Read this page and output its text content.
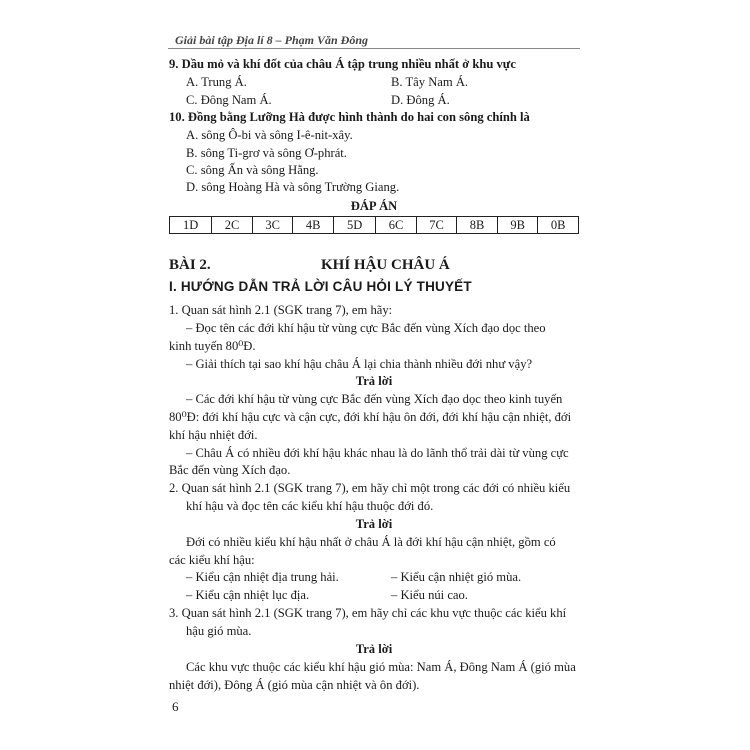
Giải bài tập Địa lí 8 – Phạm Văn Đông
9. Dầu mỏ và khí đốt của châu Á tập trung nhiều nhất ở khu vực
A. Trung Á.	B. Tây Nam Á.
C. Đông Nam Á.	D. Đông Á.
10. Đồng bằng Lưỡng Hà được hình thành do hai con sông chính là
A. sông Ô-bi và sông I-ê-nit-xây.
B. sông Ti-grơ và sông Ơ-phrát.
C. sông Ấn và sông Hằng.
D. sông Hoàng Hà và sông Trường Giang.
ĐÁP ÁN
1D	2C	3C	4B	5D	6C	7C	8B	9B	0B
BÀI 2.	KHÍ HẬU CHÂU Á
I. HƯỚNG DẪN TRẢ LỜI CÂU HỎI LÝ THUYẾT
1. Quan sát hình 2.1 (SGK trang 7), em hãy:
– Đọc tên các đới khí hậu từ vùng cực Bắc đến vùng Xích đạo dọc theo
kinh tuyến 80⁰Đ.
– Giải thích tại sao khí hậu châu Á lại chia thành nhiều đới như vậy?
Trả lời
– Các đới khí hậu từ vùng cực Bắc đến vùng Xích đạo dọc theo kinh tuyến
80⁰Đ: đới khí hậu cực và cận cực, đới khí hậu ôn đới, đới khí hậu cận nhiệt, đới
khí hậu nhiệt đới.
– Châu Á có nhiều đới khí hậu khác nhau là do lãnh thổ trải dài từ vùng cực
Bắc đến vùng Xích đạo.
2. Quan sát hình 2.1 (SGK trang 7), em hãy chỉ một trong các đới có nhiều kiểu
khí hậu và đọc tên các kiểu khí hậu thuộc đới đó.
Trả lời
Đới có nhiều kiểu khí hậu nhất ở châu Á là đới khí hậu cận nhiệt, gồm có
các kiểu khí hậu:
– Kiểu cận nhiệt địa trung hải.	– Kiểu cận nhiệt gió mùa.
– Kiểu cận nhiệt lục địa.	– Kiểu núi cao.
3. Quan sát hình 2.1 (SGK trang 7), em hãy chỉ các khu vực thuộc các kiểu khí
hậu gió mùa.
Trả lời
Các khu vực thuộc các kiểu khí hậu gió mùa: Nam Á, Đông Nam Á (gió mùa
nhiệt đới), Đông Á (gió mùa cận nhiệt và ôn đới).
6
